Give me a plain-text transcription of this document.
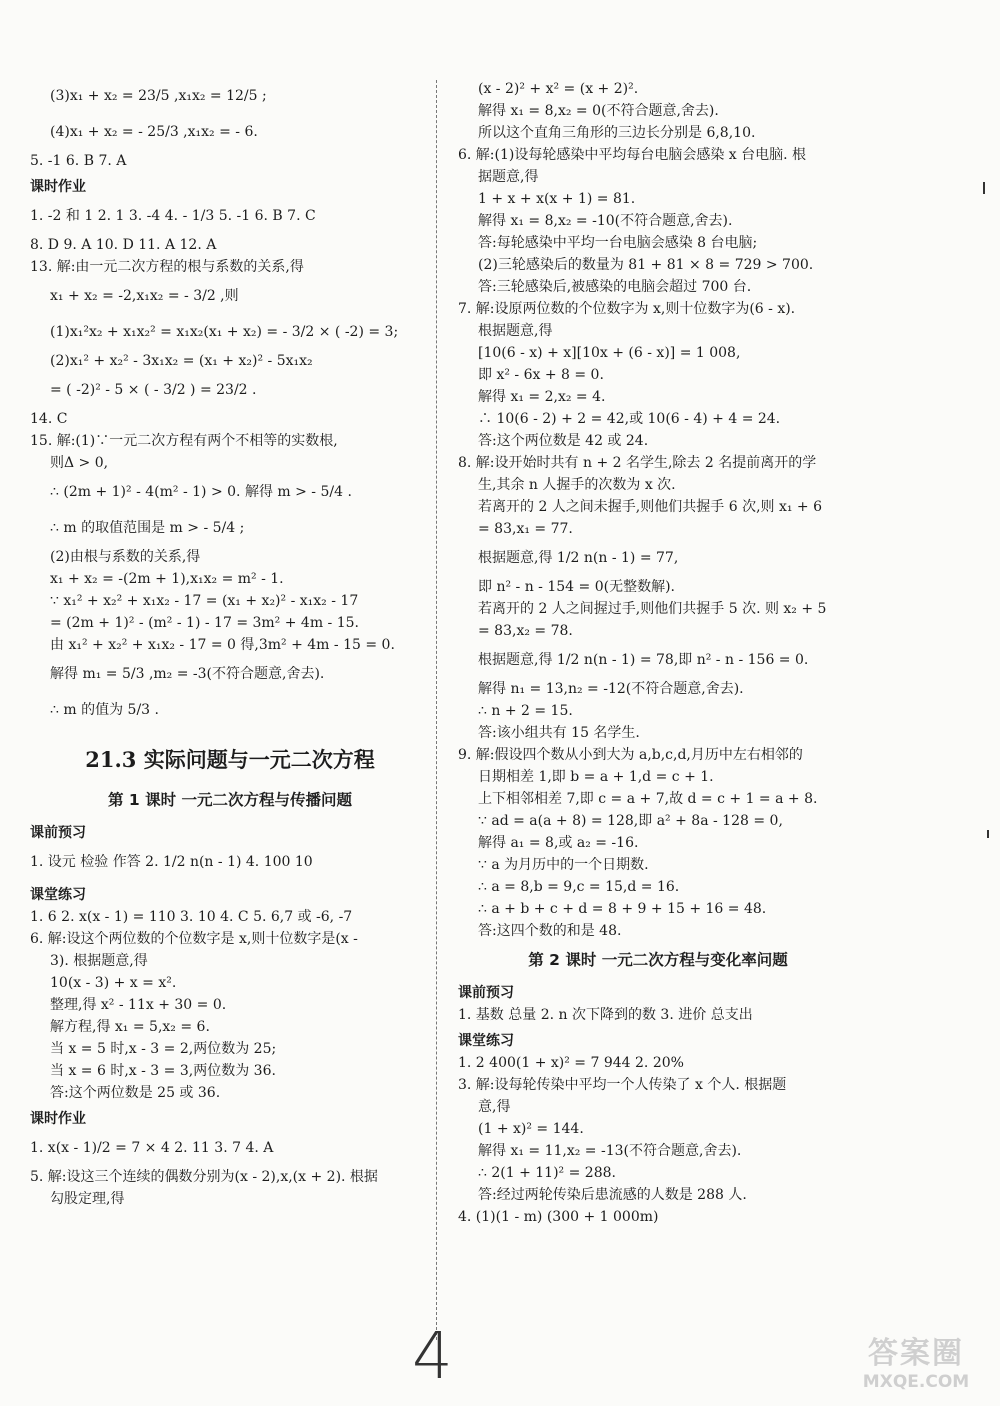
(3)x₁ + x₂ = 23/5 ,x₁x₂ = 12/5 ;
(4)x₁ + x₂ = - 25/3 ,x₁x₂ = - 6.
5. -1 6. B 7. A
课时作业
1. -2 和 1 2. 1 3. -4 4. - 1/3 5. -1 6. B 7. C
8. D 9. A 10. D 11. A 12. A
13. 解:由一元二次方程的根与系数的关系,得
x₁ + x₂ = -2,x₁x₂ = - 3/2 ,则
(1)x₁²x₂ + x₁x₂² = x₁x₂(x₁ + x₂) = - 3/2 × ( -2) = 3;
(2)x₁² + x₂² - 3x₁x₂ = (x₁ + x₂)² - 5x₁x₂
= ( -2)² - 5 × ( - 3/2 ) = 23/2 .
14. C
15. 解:(1)∵一元二次方程有两个不相等的实数根,
则Δ > 0,
∴ (2m + 1)² - 4(m² - 1) > 0. 解得 m > - 5/4 .
∴ m 的取值范围是 m > - 5/4 ;
(2)由根与系数的关系,得
x₁ + x₂ = -(2m + 1),x₁x₂ = m² - 1.
∵ x₁² + x₂² + x₁x₂ - 17 = (x₁ + x₂)² - x₁x₂ - 17
= (2m + 1)² - (m² - 1) - 17 = 3m² + 4m - 15.
由 x₁² + x₂² + x₁x₂ - 17 = 0 得,3m² + 4m - 15 = 0.
解得 m₁ = 5/3 ,m₂ = -3(不符合题意,舍去).
∴ m 的值为 5/3 .
21.3 实际问题与一元二次方程
第 1 课时 一元二次方程与传播问题
课前预习
1. 设元 检验 作答 2. 1/2 n(n - 1) 4. 100 10
课堂练习
1. 6 2. x(x - 1) = 110 3. 10 4. C 5. 6,7 或 -6, -7
6. 解:设这个两位数的个位数字是 x,则十位数字是(x -
3). 根据题意,得
10(x - 3) + x = x².
整理,得 x² - 11x + 30 = 0.
解方程,得 x₁ = 5,x₂ = 6.
当 x = 5 时,x - 3 = 2,两位数为 25;
当 x = 6 时,x - 3 = 3,两位数为 36.
答:这个两位数是 25 或 36.
课时作业
1. x(x - 1)/2 = 7 × 4 2. 11 3. 7 4. A
5. 解:设这三个连续的偶数分别为(x - 2),x,(x + 2). 根据
勾股定理,得
(x - 2)² + x² = (x + 2)².
解得 x₁ = 8,x₂ = 0(不符合题意,舍去).
所以这个直角三角形的三边长分别是 6,8,10.
6. 解:(1)设每轮感染中平均每台电脑会感染 x 台电脑. 根
据题意,得
1 + x + x(x + 1) = 81.
解得 x₁ = 8,x₂ = -10(不符合题意,舍去).
答:每轮感染中平均一台电脑会感染 8 台电脑;
(2)三轮感染后的数量为 81 + 81 × 8 = 729 > 700.
答:三轮感染后,被感染的电脑会超过 700 台.
7. 解:设原两位数的个位数字为 x,则十位数字为(6 - x).
根据题意,得
[10(6 - x) + x][10x + (6 - x)] = 1 008,
即 x² - 6x + 8 = 0.
解得 x₁ = 2,x₂ = 4.
∴ 10(6 - 2) + 2 = 42,或 10(6 - 4) + 4 = 24.
答:这个两位数是 42 或 24.
8. 解:设开始时共有 n + 2 名学生,除去 2 名提前离开的学
生,其余 n 人握手的次数为 x 次.
若离开的 2 人之间未握手,则他们共握手 6 次,则 x₁ + 6
= 83,x₁ = 77.
根据题意,得 1/2 n(n - 1) = 77,
即 n² - n - 154 = 0(无整数解).
若离开的 2 人之间握过手,则他们共握手 5 次. 则 x₂ + 5
= 83,x₂ = 78.
根据题意,得 1/2 n(n - 1) = 78,即 n² - n - 156 = 0.
解得 n₁ = 13,n₂ = -12(不符合题意,舍去).
∴ n + 2 = 15.
答:该小组共有 15 名学生.
9. 解:假设四个数从小到大为 a,b,c,d,月历中左右相邻的
日期相差 1,即 b = a + 1,d = c + 1.
上下相邻相差 7,即 c = a + 7,故 d = c + 1 = a + 8.
∵ ad = a(a + 8) = 128,即 a² + 8a - 128 = 0,
解得 a₁ = 8,或 a₂ = -16.
∵ a 为月历中的一个日期数.
∴ a = 8,b = 9,c = 15,d = 16.
∴ a + b + c + d = 8 + 9 + 15 + 16 = 48.
答:这四个数的和是 48.
第 2 课时 一元二次方程与变化率问题
课前预习
1. 基数 总量 2. n 次下降到的数 3. 进价 总支出
课堂练习
1. 2 400(1 + x)² = 7 944 2. 20%
3. 解:设每轮传染中平均一个人传染了 x 个人. 根据题
意,得
(1 + x)² = 144.
解得 x₁ = 11,x₂ = -13(不符合题意,舍去).
∴ 2(1 + 11)² = 288.
答:经过两轮传染后患流感的人数是 288 人.
4. (1)(1 - m) (300 + 1 000m)
4	答案圈
MXQE.COM
